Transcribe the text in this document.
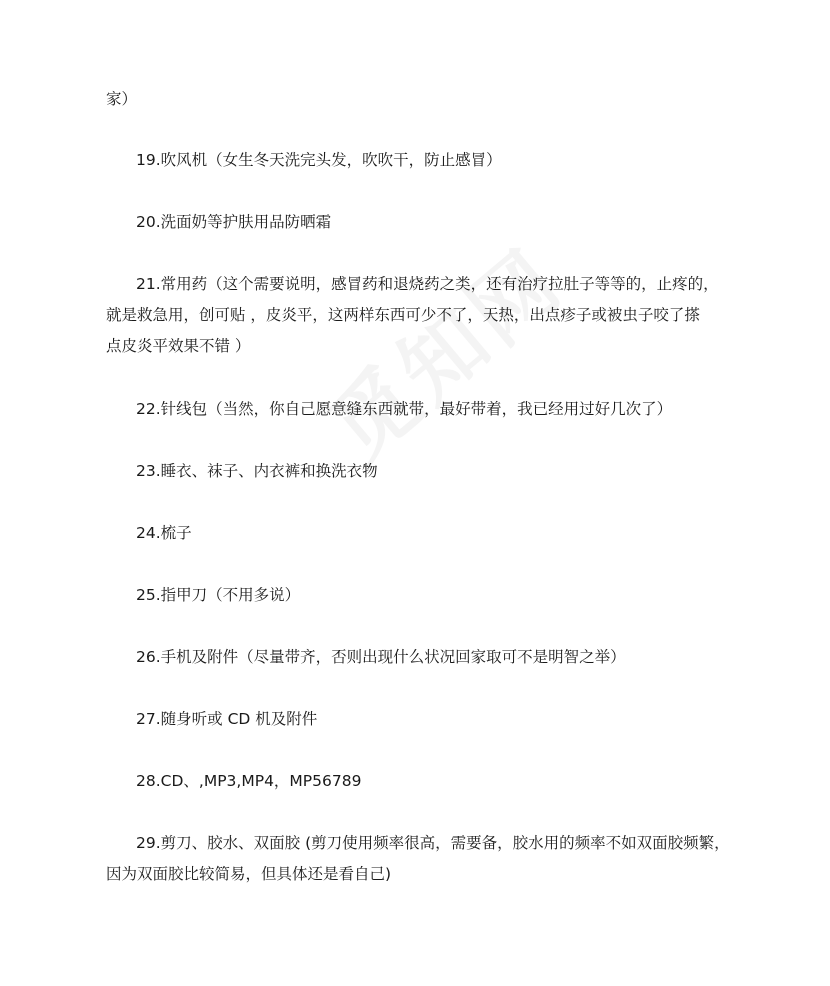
家）
19.吹风机（女生冬天洗完头发，吹吹干，防止感冒）
20.洗面奶等护肤用品防晒霜
21.常用药（这个需要说明，感冒药和退烧药之类，还有治疗拉肚子等等的，止疼的，
就是救急用，创可贴 ，皮炎平，这两样东西可少不了，天热，出点疹子或被虫子咬了搽
点皮炎平效果不错 ）
22.针线包（当然，你自己愿意缝东西就带，最好带着，我已经用过好几次了）
23.睡衣、袜子、内衣裤和换洗衣物
24.梳子
25.指甲刀（不用多说）
26.手机及附件（尽量带齐，否则出现什么状况回家取可不是明智之举）
27.随身听或 CD 机及附件
28.CD、,MP3,MP4，MP56789
29.剪刀、胶水、双面胶 (剪刀使用频率很高，需要备，胶水用的频率不如双面胶频繁，
因为双面胶比较简易，但具体还是看自己)
